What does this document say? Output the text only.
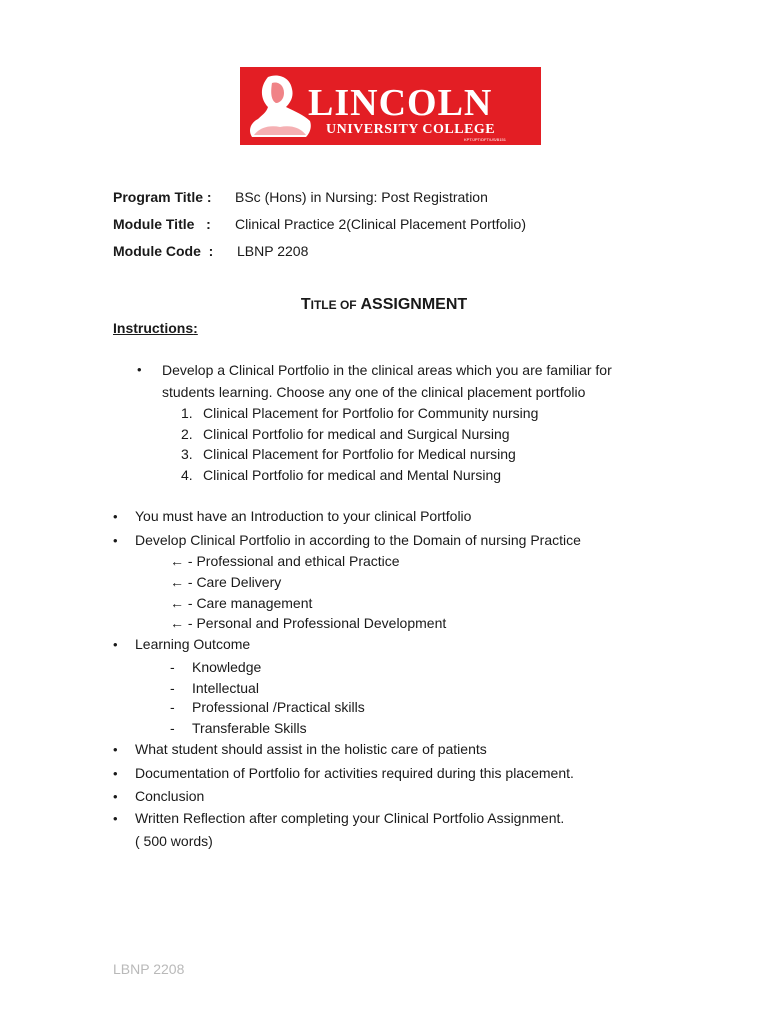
LINCOLN
UNIVERSITY COLLEGE
KPT/JPT/DFT/US/B151
Program Title : BSc (Hons) in Nursing: Post Registration
Module Title   : Clinical Practice 2(Clinical Placement Portfolio)
Module Code  : LBNP 2208
TITLE OF ASSIGNMENT
Instructions:
• Develop a Clinical Portfolio in the clinical areas which you are familiar for
students learning. Choose any one of the clinical placement portfolio
1. Clinical Placement for Portfolio for Community nursing
2. Clinical Portfolio for medical and Surgical Nursing
3. Clinical Placement for Portfolio for Medical nursing
4. Clinical Portfolio for medical and Mental Nursing
• You must have an Introduction to your clinical Portfolio
• Develop Clinical Portfolio in according to the Domain of nursing Practice
← - Professional and ethical Practice
← - Care Delivery
← - Care management
← - Personal and Professional Development
• Learning Outcome
- Knowledge
- Intellectual
- Professional /Practical skills
- Transferable Skills
• What student should assist in the holistic care of patients
• Documentation of Portfolio for activities required during this placement.
• Conclusion
• Written Reflection after completing your Clinical Portfolio Assignment.
( 500 words)
LBNP 2208
